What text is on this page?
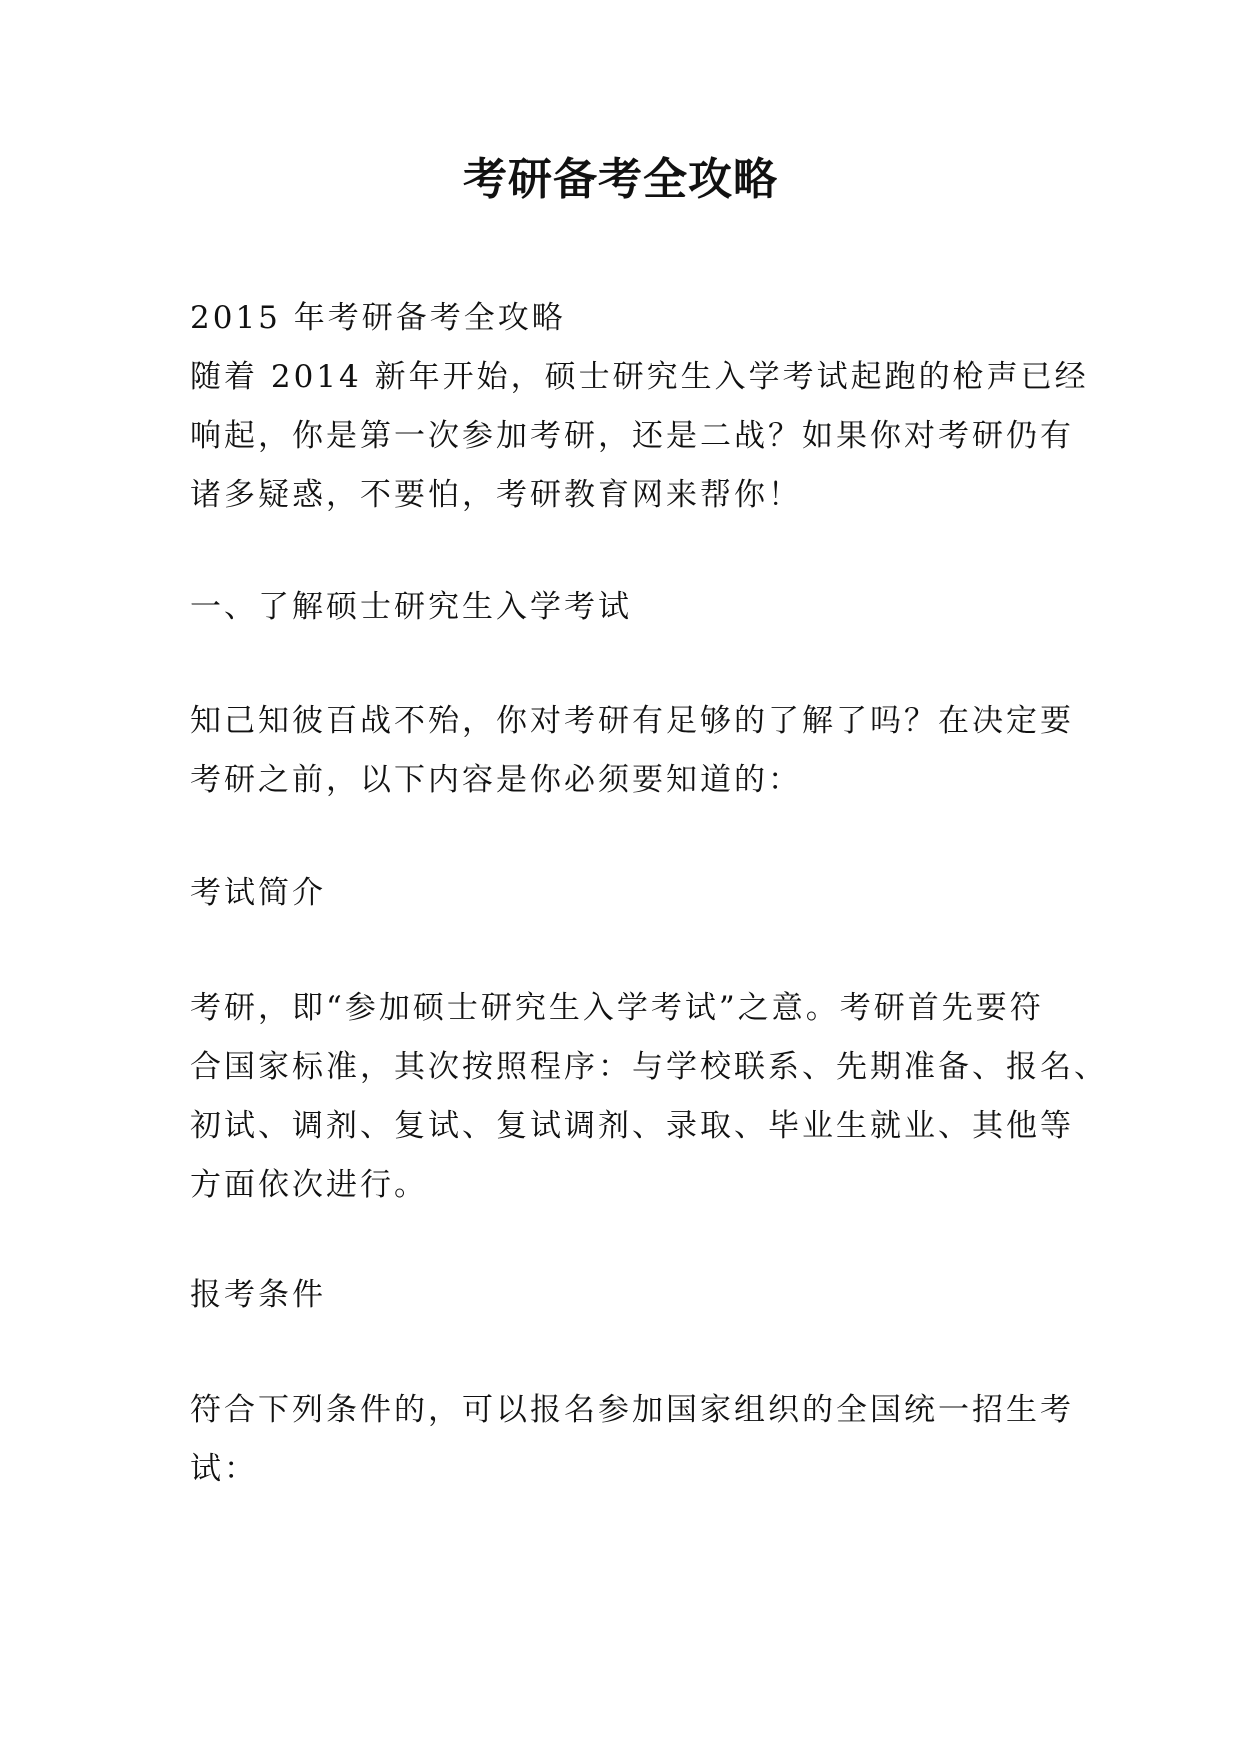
考研备考全攻略
2015 年考研备考全攻略
随着 2014 新年开始，硕士研究生入学考试起跑的枪声已经
响起，你是第一次参加考研，还是二战？如果你对考研仍有
诸多疑惑，不要怕，考研教育网来帮你！
一、了解硕士研究生入学考试
知己知彼百战不殆，你对考研有足够的了解了吗？在决定要
考研之前，以下内容是你必须要知道的：
考试简介
考研，即“参加硕士研究生入学考试”之意。考研首先要符
合国家标准，其次按照程序：与学校联系、先期准备、报名、
初试、调剂、复试、复试调剂、录取、毕业生就业、其他等
方面依次进行。
报考条件
符合下列条件的，可以报名参加国家组织的全国统一招生考
试：
